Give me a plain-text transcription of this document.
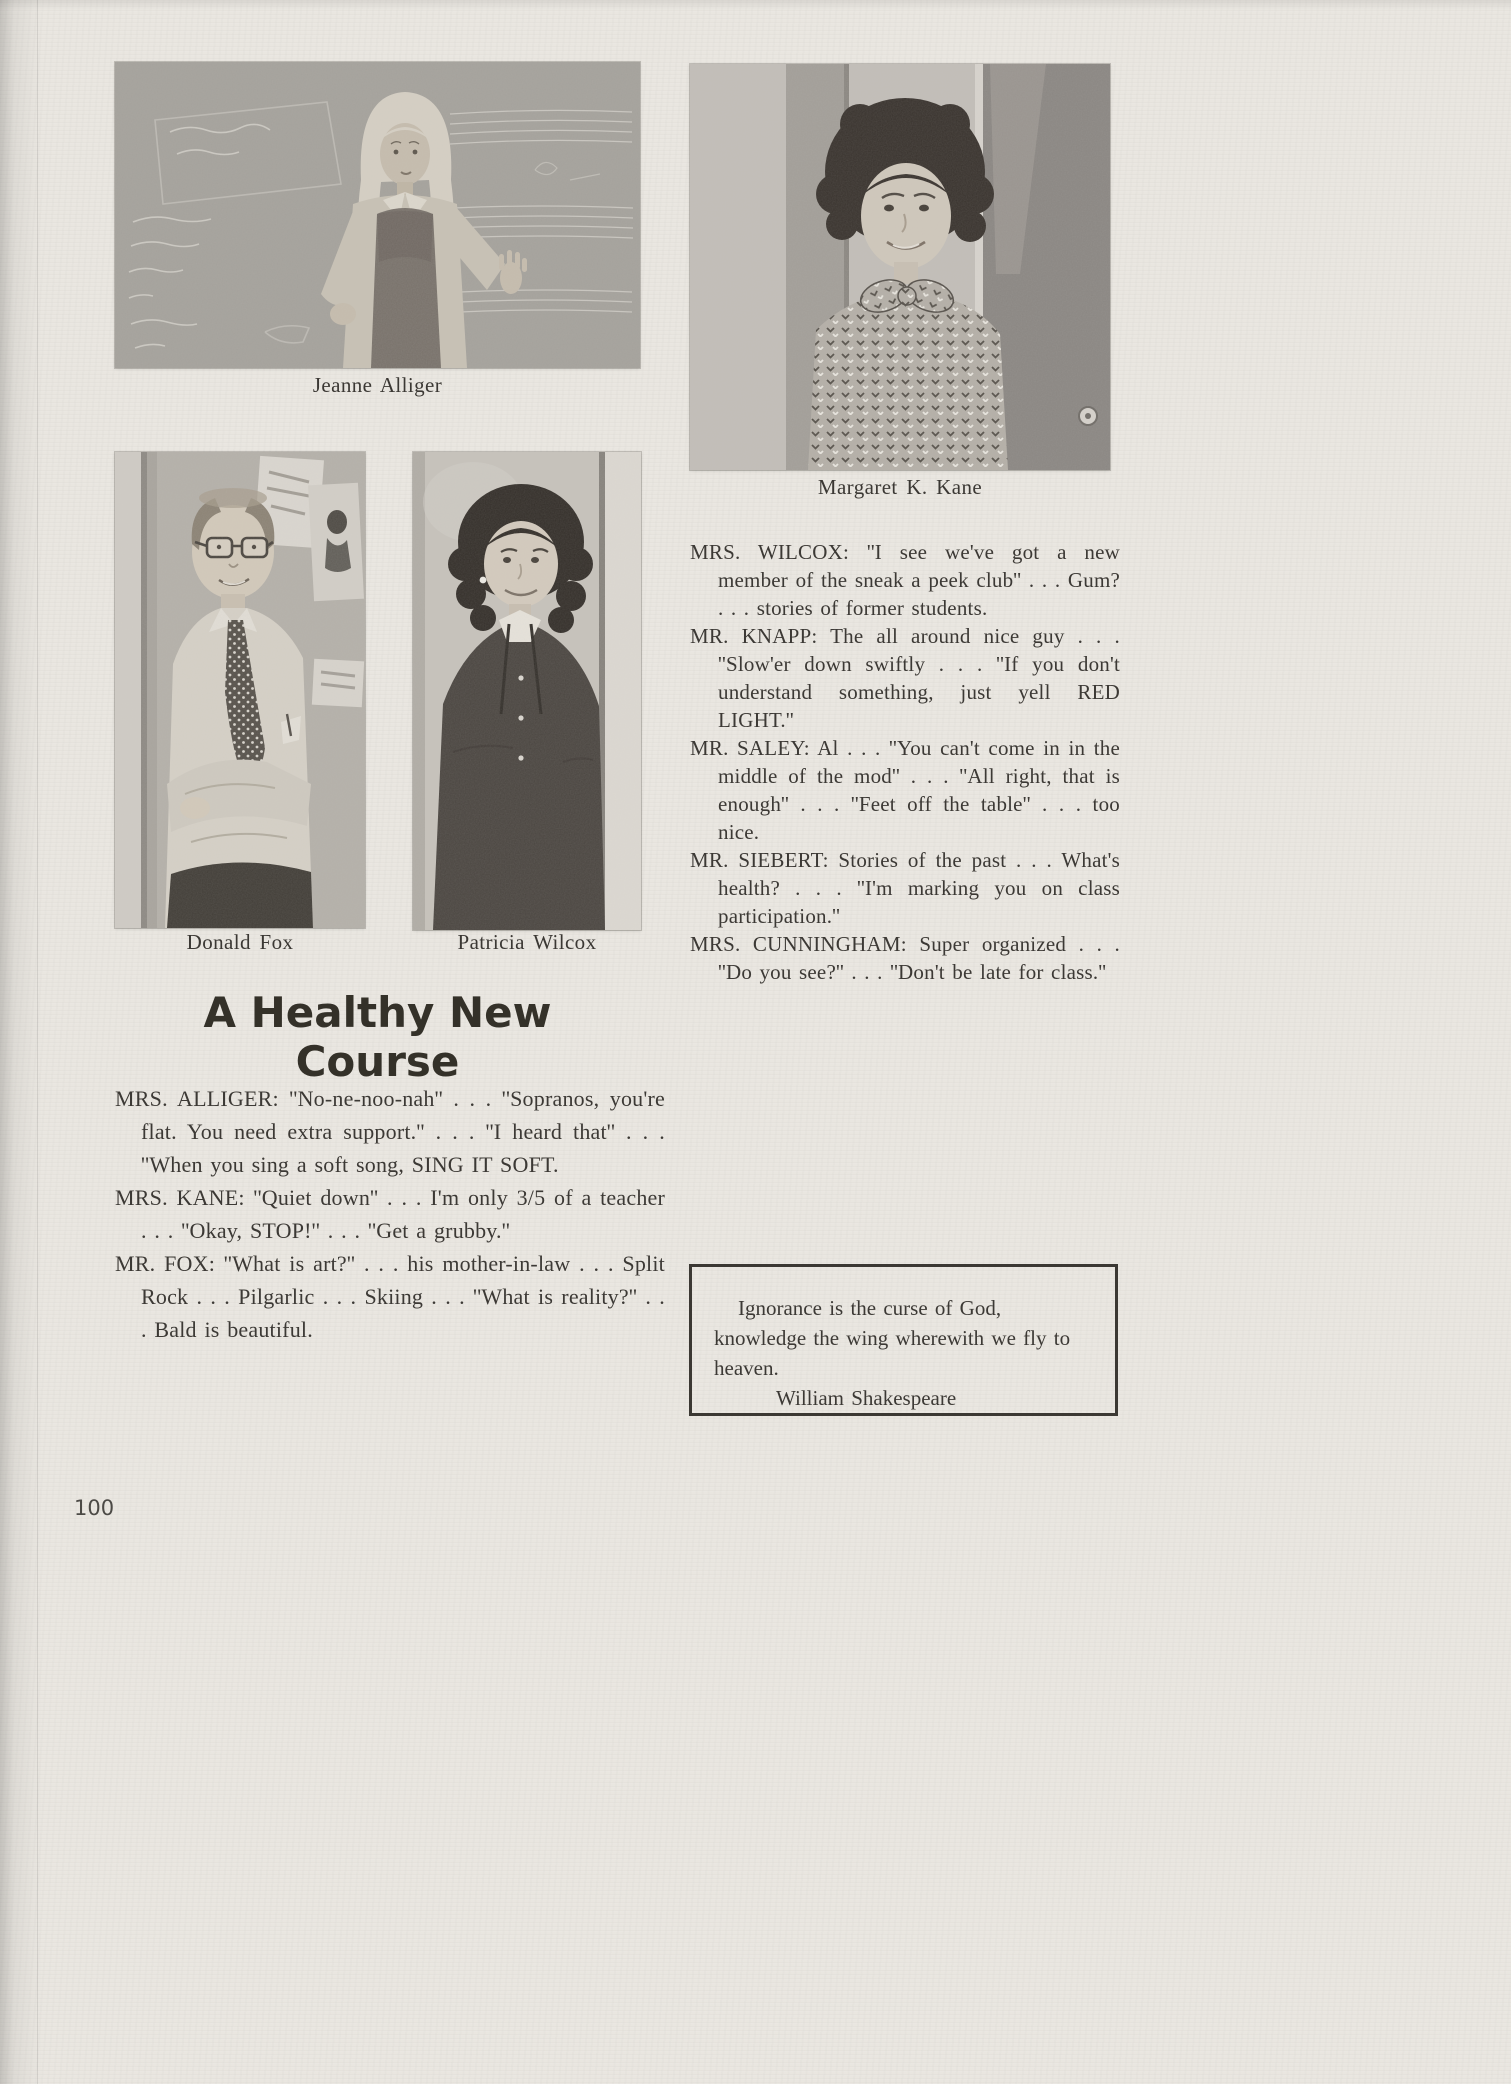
Jeanne Alliger
Margaret K. Kane
Donald Fox	Patricia Wilcox

MRS. WILCOX: ''I see we've got a new member of the sneak a peek club'' . . . Gum? . . . stories of former students.

MR. KNAPP: The all around nice guy . . . ''Slow'er down swiftly . . . ''If you don't understand something, just yell RED LIGHT.''

MR. SALEY: Al . . . ''You can't come in in the middle of the mod'' . . . ''All right, that is enough'' . . . ''Feet off the table'' . . . too nice.

MR. SIEBERT: Stories of the past . . . What's health? . . . ''I'm marking you on class participation.''

MRS. CUNNINGHAM: Super organized . . . ''Do you see?'' . . . ''Don't be late for class.''

A Healthy New Course

MRS. ALLIGER: ''No-ne-noo-nah'' . . . ''Sopranos, you're flat. You need extra support.'' . . . ''I heard that'' . . . ''When you sing a soft song, SING IT SOFT.

MRS. KANE: ''Quiet down'' . . . I'm only 3/5 of a teacher . . . ''Okay, STOP!'' . . . ''Get a grubby.''

MR. FOX: ''What is art?'' . . . his mother-in-law . . . Split Rock . . . Pilgarlic . . . Skiing . . . ''What is reality?'' . . . Bald is beautiful.

Ignorance is the curse of God,
knowledge the wing wherewith we fly to
heaven.
William Shakespeare
100
